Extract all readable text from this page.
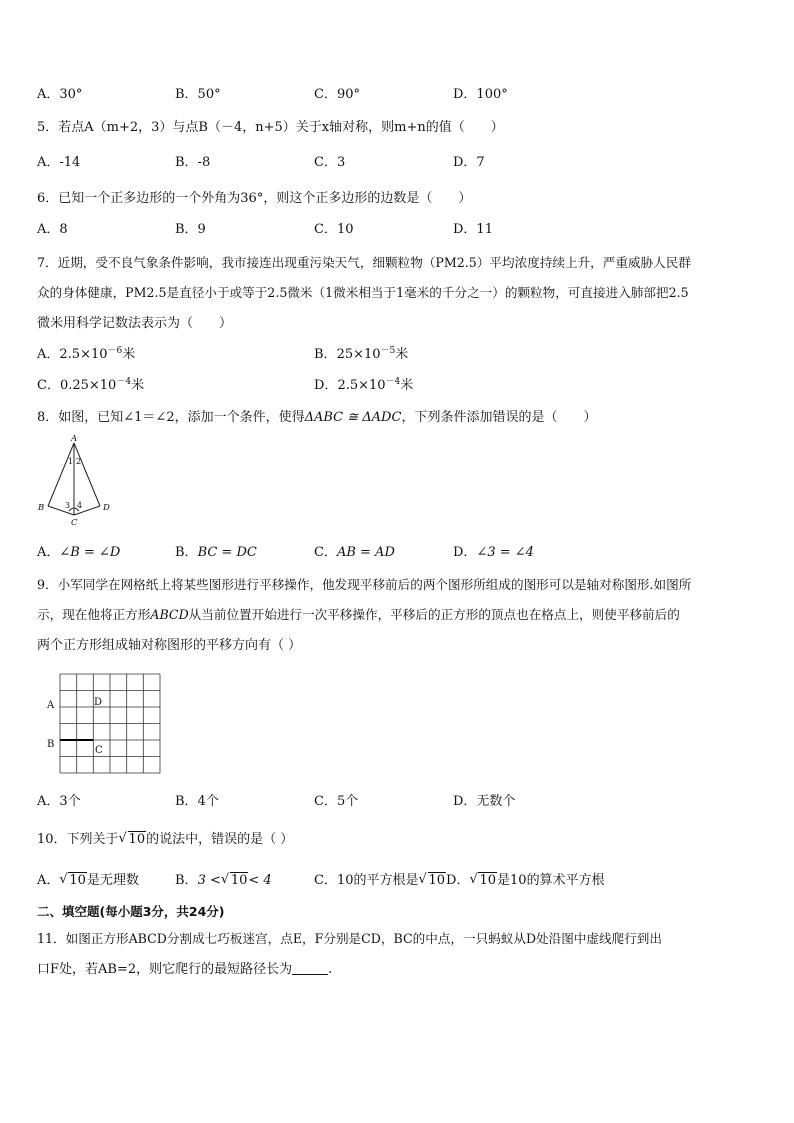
A．30°	B．50°	C．90°	D．100°
5．若点A（m+2，3）与点B（－4，n+5）关于x轴对称，则m+n的值（　　）
A．-14	B．-8	C．3	D．7
6．已知一个正多边形的一个外角为36°，则这个正多边形的边数是（　　）
A．8	B．9	C．10	D．11
7．近期，受不良气象条件影响，我市接连出现重污染天气，细颗粒物（PM2.5）平均浓度持续上升，严重威胁人民群
众的身体健康，PM2.5是直径小于或等于2.5微米（1微米相当于1毫米的千分之一）的颗粒物，可直接进入肺部把2.5
微米用科学记数法表示为（　　）
A．$2.5\times 10^{-6}$米	B．$25\times 10^{-5}$米
C．$0.25\times 10^{-4}$米	D．$2.5\times 10^{-4}$米
8．如图，已知∠1＝∠2，添加一个条件，使得ΔABC ≅ ΔADC，下列条件添加错误的是（　　）
A
B
C
D
1 2
3 4
A．∠B = ∠D	B．BC = DC	C．AB = AD	D．∠3 = ∠4
9．小军同学在网格纸上将某些图形进行平移操作，他发现平移前后的两个图形所组成的图形可以是轴对称图形.如图所
示，现在他将正方形ABCD从当前位置开始进行一次平移操作，平移后的正方形的顶点也在格点上，则使平移前后的
两个正方形组成轴对称图形的平移方向有（ ）
A
B
C
D
A．3个	B．4个	C．5个	D．无数个
10．下列关于 √ 10的说法中，错误的是（ ）
A． √ 10是无理数	B．3 < √ 10< 4	C．10的平方根是 √ 10D． √ 10是10的算术平方根
二、填空题(每小题3分，共24分)
11．如图正方形ABCD分割成七巧板迷宫，点E，F分别是CD，BC的中点，一只蚂蚁从D处沿图中虚线爬行到出
口F处，若AB=2，则它爬行的最短路径长为	.
